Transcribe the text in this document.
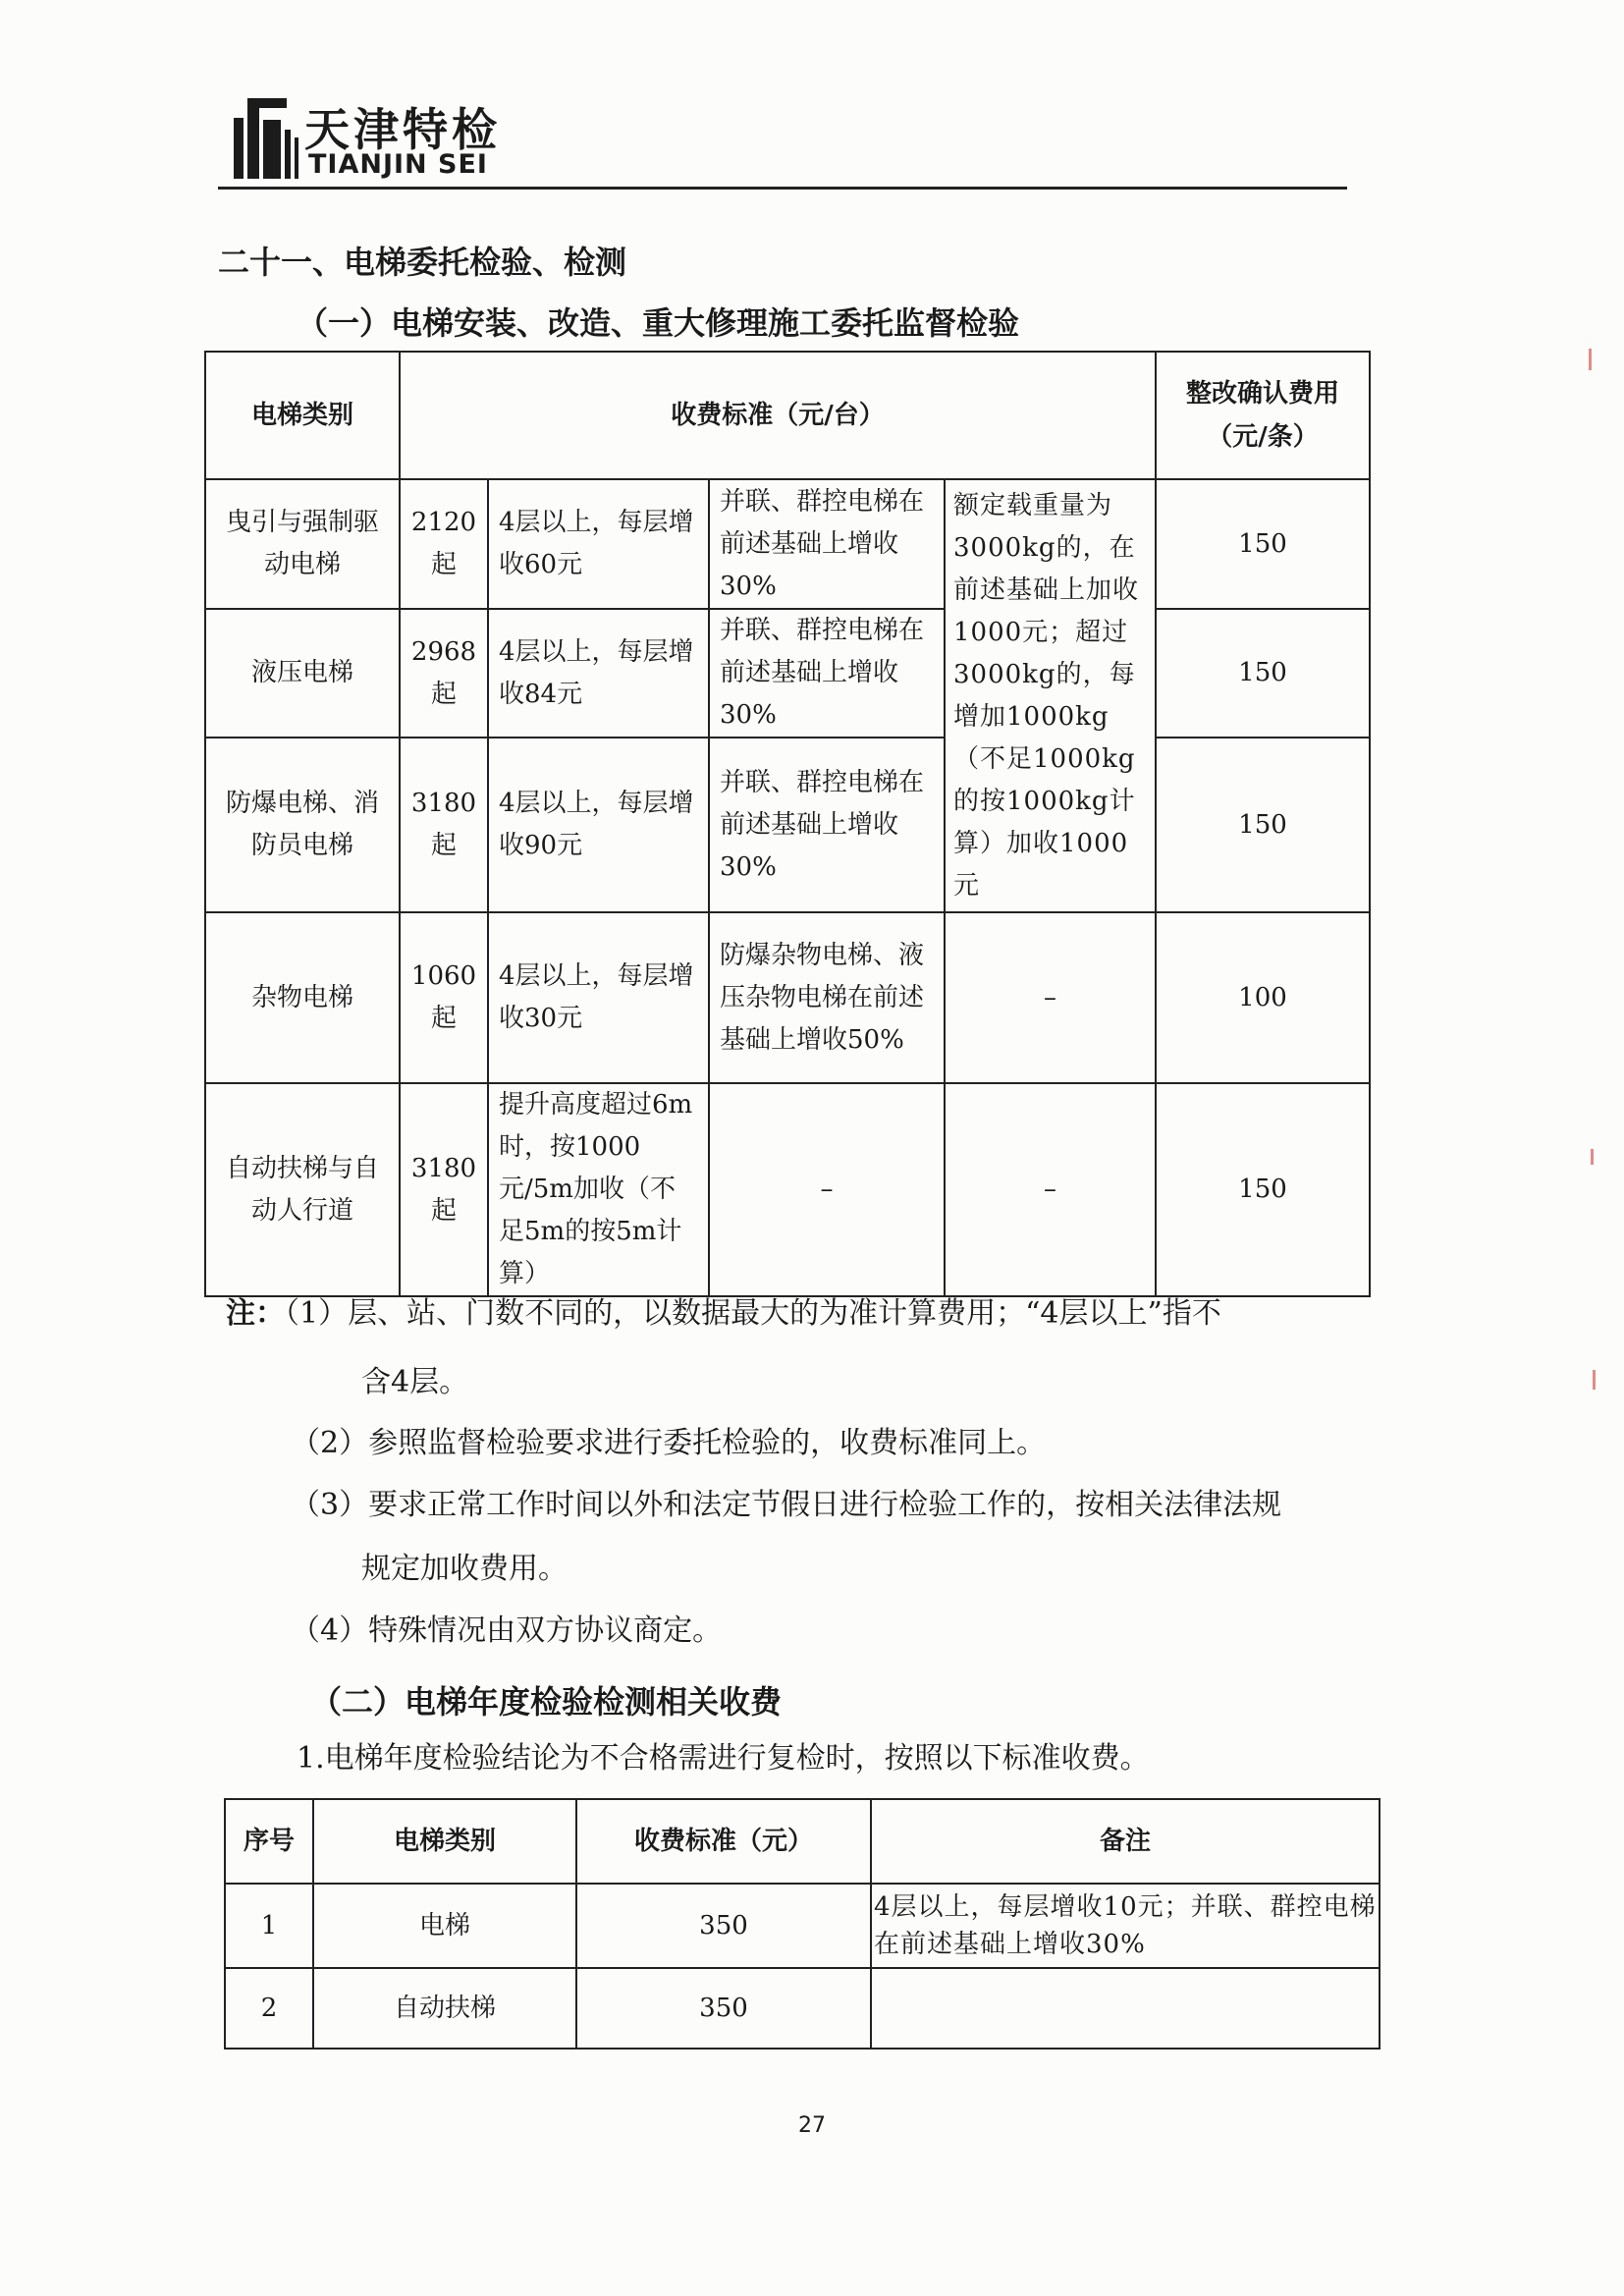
天津特检
TIANJIN SEI
二十一、电梯委托检验、检测
（一）电梯安装、改造、重大修理施工委托监督检验
电梯类别	收费标准（元/台）				整改确认费用（元/条）
曳引与强制驱动电梯	2120起	4层以上，每层增收60元	并联、群控电梯在前述基础上增收30%	额定载重量为3000kg的，在前述基础上加收1000元；超过3000kg的，每增加1000kg（不足1000kg的按1000kg计算）加收1000元	150
液压电梯	2968起	4层以上，每层增收84元	并联、群控电梯在前述基础上增收30%		150
防爆电梯、消防员电梯	3180起	4层以上，每层增收90元	并联、群控电梯在前述基础上增收30%		150
杂物电梯	1060起	4层以上，每层增收30元	防爆杂物电梯、液压杂物电梯在前述基础上增收50%	–	100
自动扶梯与自动人行道	3180起	提升高度超过6m时，按1000元/5m加收（不足5m的按5m计算）	–	–	150
注：（1）层、站、门数不同的，以数据最大的为准计算费用；“4层以上”指不
含4层。
（2）参照监督检验要求进行委托检验的，收费标准同上。
（3）要求正常工作时间以外和法定节假日进行检验工作的，按相关法律法规
规定加收费用。
（4）特殊情况由双方协议商定。
（二）电梯年度检验检测相关收费
1.电梯年度检验结论为不合格需进行复检时，按照以下标准收费。
序号	电梯类别	收费标准（元）	备注
1	电梯	350	4层以上，每层增收10元；并联、群控电梯在前述基础上增收30%
2	自动扶梯	350	
27
